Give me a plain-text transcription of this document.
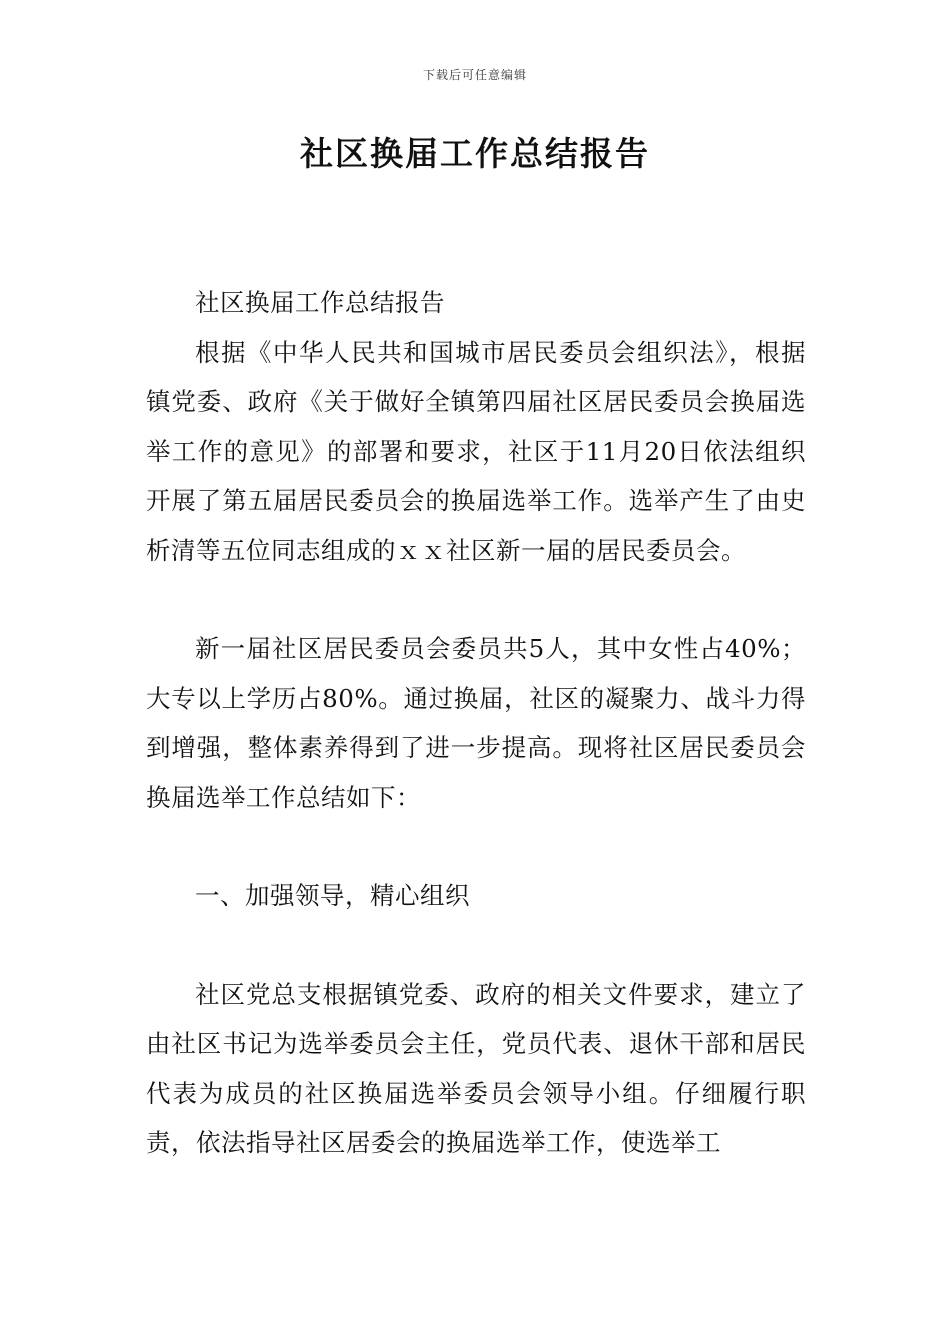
下载后可任意编辑
社区换届工作总结报告

社区换届工作总结报告

根据《中华人民共和国城市居民委员会组织法》，根据镇党委、政府《关于做好全镇第四届社区居民委员会换届选举工作的意见》的部署和要求，社区于11月20日依法组织开展了第五届居民委员会的换届选举工作。选举产生了由史析清等五位同志组成的ｘｘ社区新一届的居民委员会。

新一届社区居民委员会委员共5人，其中女性占40%；大专以上学历占80%。通过换届，社区的凝聚力、战斗力得到增强，整体素养得到了进一步提高。现将社区居民委员会换届选举工作总结如下：

一、加强领导，精心组织

社区党总支根据镇党委、政府的相关文件要求，建立了由社区书记为选举委员会主任，党员代表、退休干部和居民代表为成员的社区换届选举委员会领导小组。仔细履行职责，依法指导社区居委会的换届选举工作，使选举工
